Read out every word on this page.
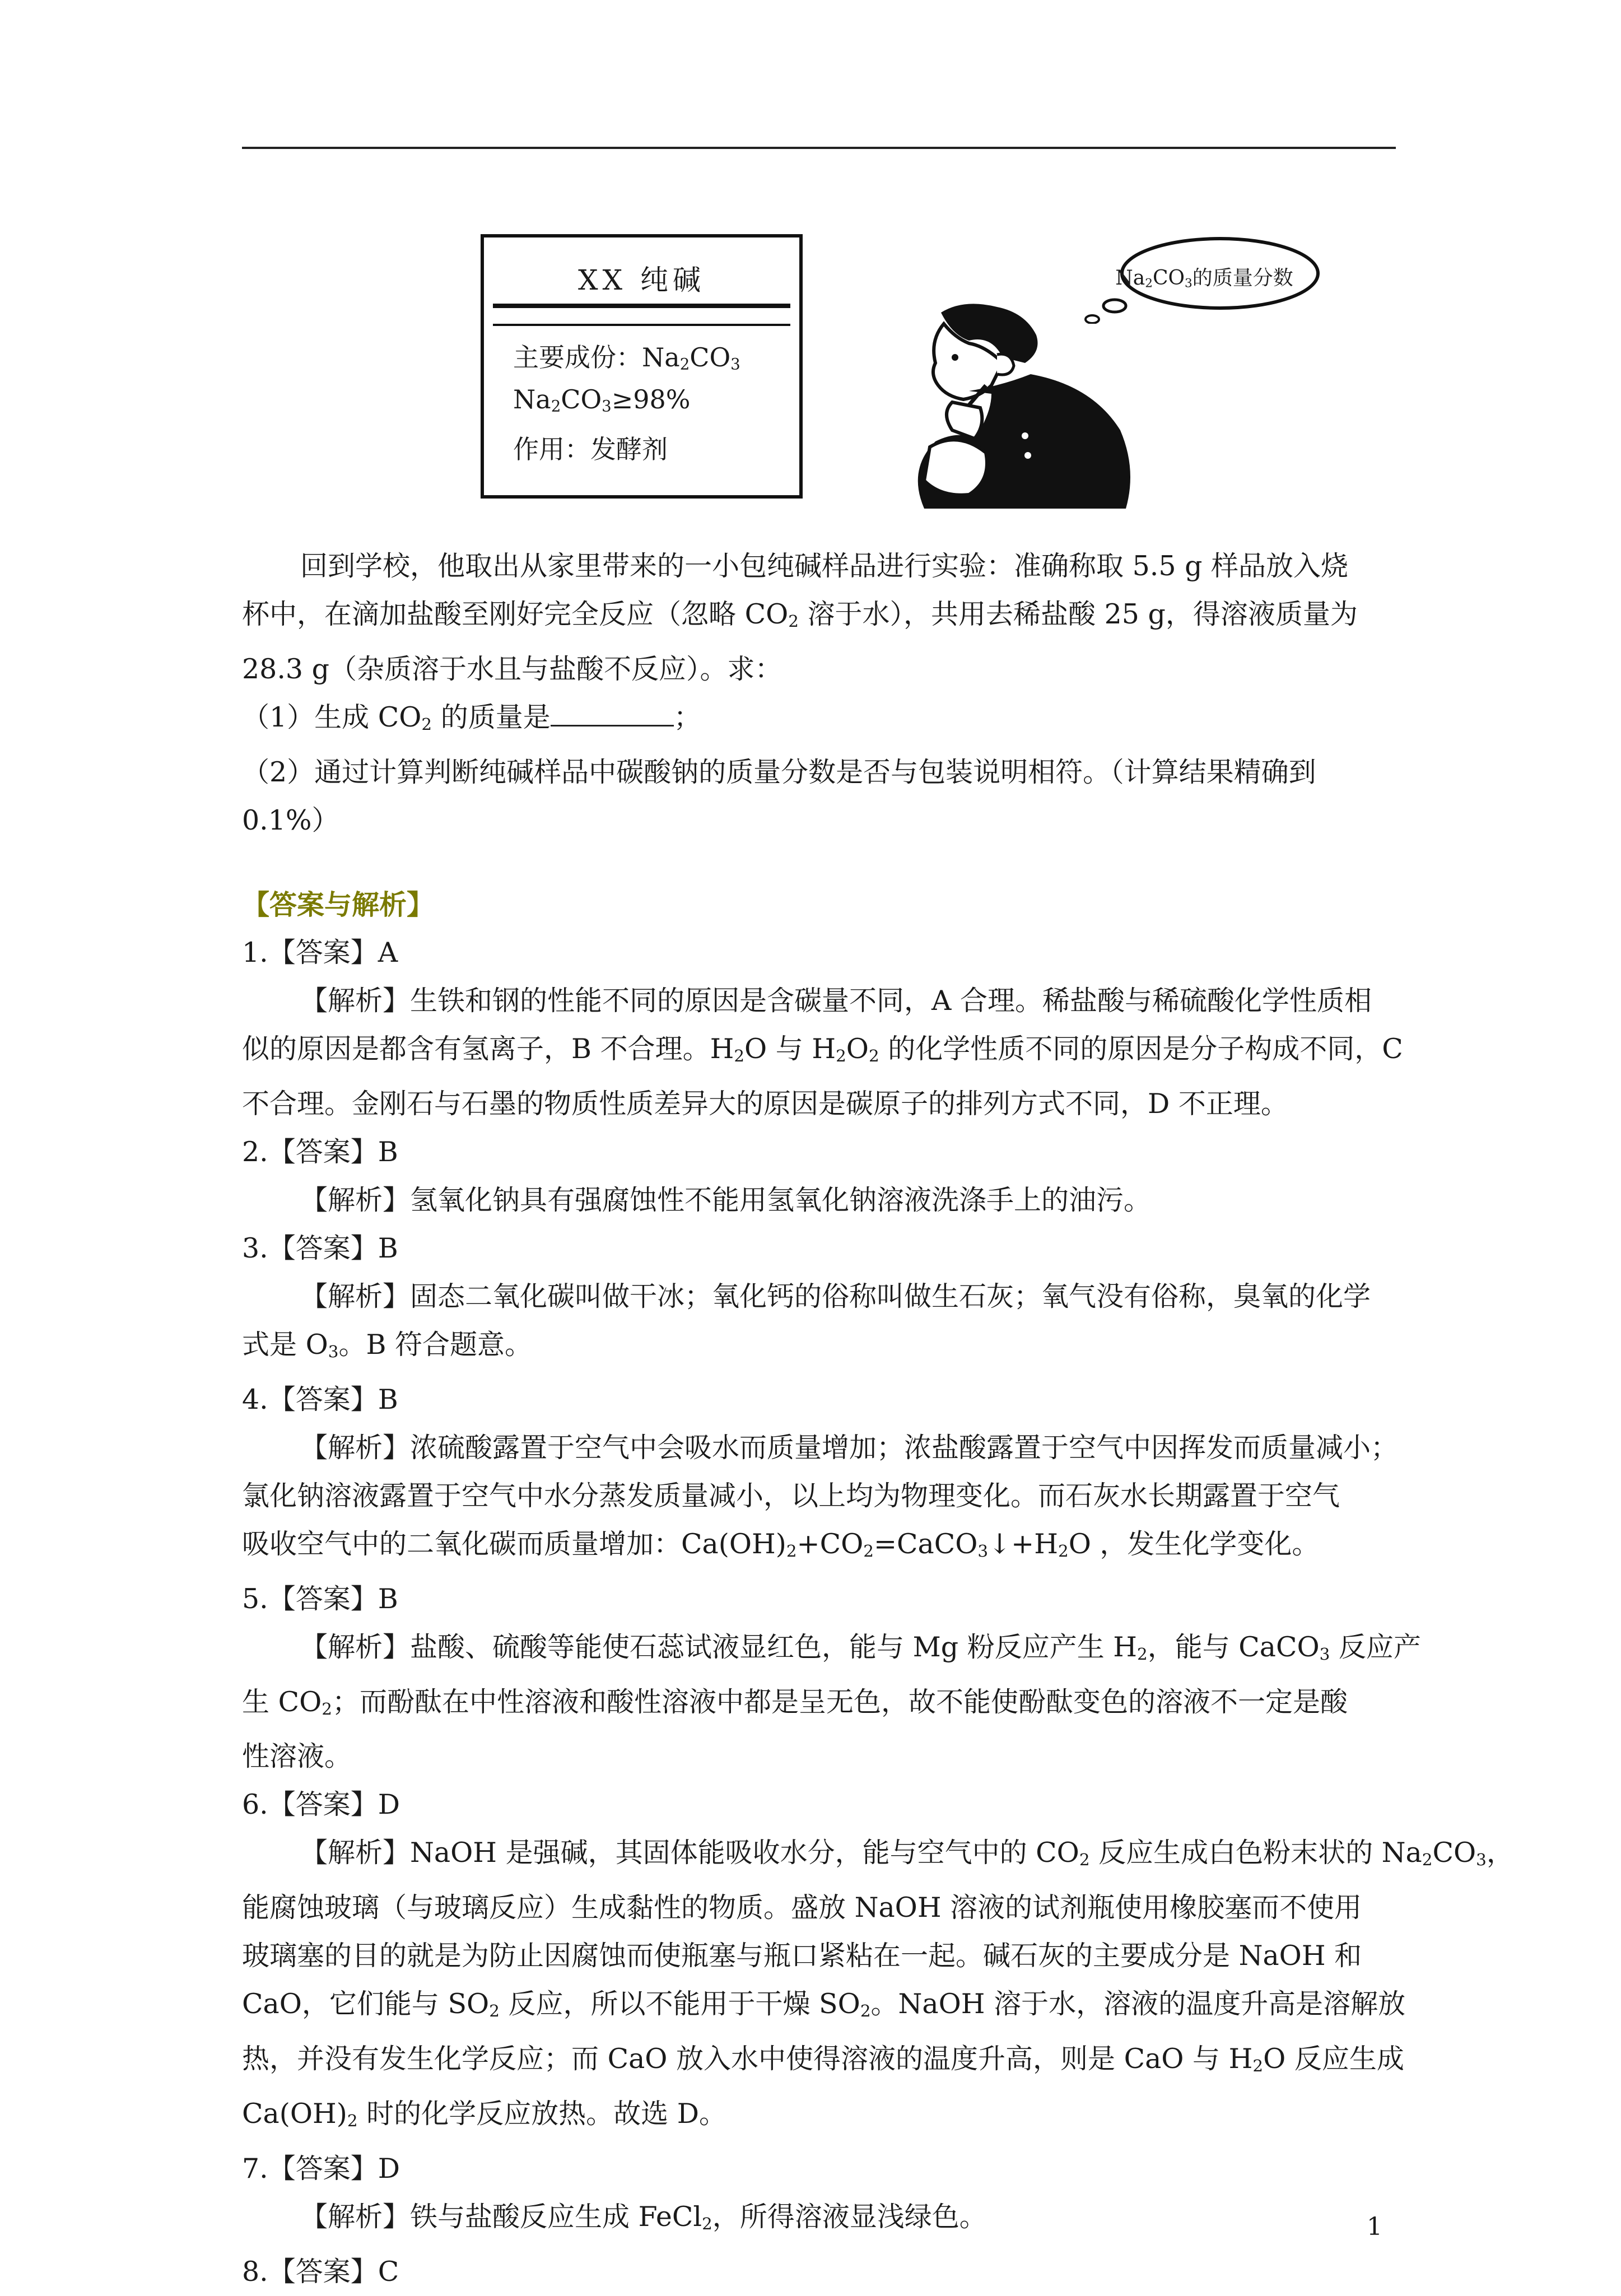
XX 纯碱
主要成份：$Na_2CO_3$
$Na_2CO_3\ge 98\%$
作用：发酵剂
$Na_2CO_3$的质量分数

回到学校，他取出从家里带来的一小包纯碱样品进行实验：准确称取 5.5 g 样品放入烧

杯中，在滴加盐酸至刚好完全反应（忽略 $CO_2$ 溶于水），共用去稀盐酸 25 g，得溶液质量为

28.3 g（杂质溶于水且与盐酸不反应）。求：

（1）生成 $CO_2$ 的质量是	；

（2）通过计算判断纯碱样品中碳酸钠的质量分数是否与包装说明相符。（计算结果精确到

0.1%）

【答案与解析】

1.【答案】A

【解析】生铁和钢的性能不同的原因是含碳量不同，A 合理。稀盐酸与稀硫酸化学性质相

似的原因是都含有氢离子，B 不合理。$H_2O$ 与 $H_2O_2$ 的化学性质不同的原因是分子构成不同，C

不合理。金刚石与石墨的物质性质差异大的原因是碳原子的排列方式不同，D 不正理。

2.【答案】B

【解析】氢氧化钠具有强腐蚀性不能用氢氧化钠溶液洗涤手上的油污。

3.【答案】B

【解析】固态二氧化碳叫做干冰；氧化钙的俗称叫做生石灰；氧气没有俗称，臭氧的化学

式是 $O_3$。B 符合题意。

4.【答案】B

【解析】浓硫酸露置于空气中会吸水而质量增加；浓盐酸露置于空气中因挥发而质量减小；

氯化钠溶液露置于空气中水分蒸发质量减小，以上均为物理变化。而石灰水长期露置于空气

吸收空气中的二氧化碳而质量增加：$Ca(OH)_2+CO_2=CaCO_3↓+H_2O$ ，发生化学变化。

5.【答案】B

【解析】盐酸、硫酸等能使石蕊试液显红色，能与 Mg 粉反应产生 $H_2$，能与 CaCO$_3$ 反应产

生 $CO_2$；而酚酞在中性溶液和酸性溶液中都是呈无色，故不能使酚酞变色的溶液不一定是酸

性溶液。

6.【答案】D

【解析】NaOH 是强碱，其固体能吸收水分，能与空气中的 $CO_2$ 反应生成白色粉末状的 $Na_2CO_3$，

能腐蚀玻璃（与玻璃反应）生成黏性的物质。盛放 NaOH 溶液的试剂瓶使用橡胶塞而不使用

玻璃塞的目的就是为防止因腐蚀而使瓶塞与瓶口紧粘在一起。碱石灰的主要成分是 NaOH 和

CaO，它们能与 $SO_2$ 反应，所以不能用于干燥 $SO_2$。NaOH 溶于水，溶液的温度升高是溶解放

热，并没有发生化学反应；而 CaO 放入水中使得溶液的温度升高，则是 CaO 与 $H_2O$ 反应生成

$Ca(OH)_2$ 时的化学反应放热。故选 D。

7.【答案】D

【解析】铁与盐酸反应生成 FeCl$_2$，所得溶液显浅绿色。

8.【答案】C

1
